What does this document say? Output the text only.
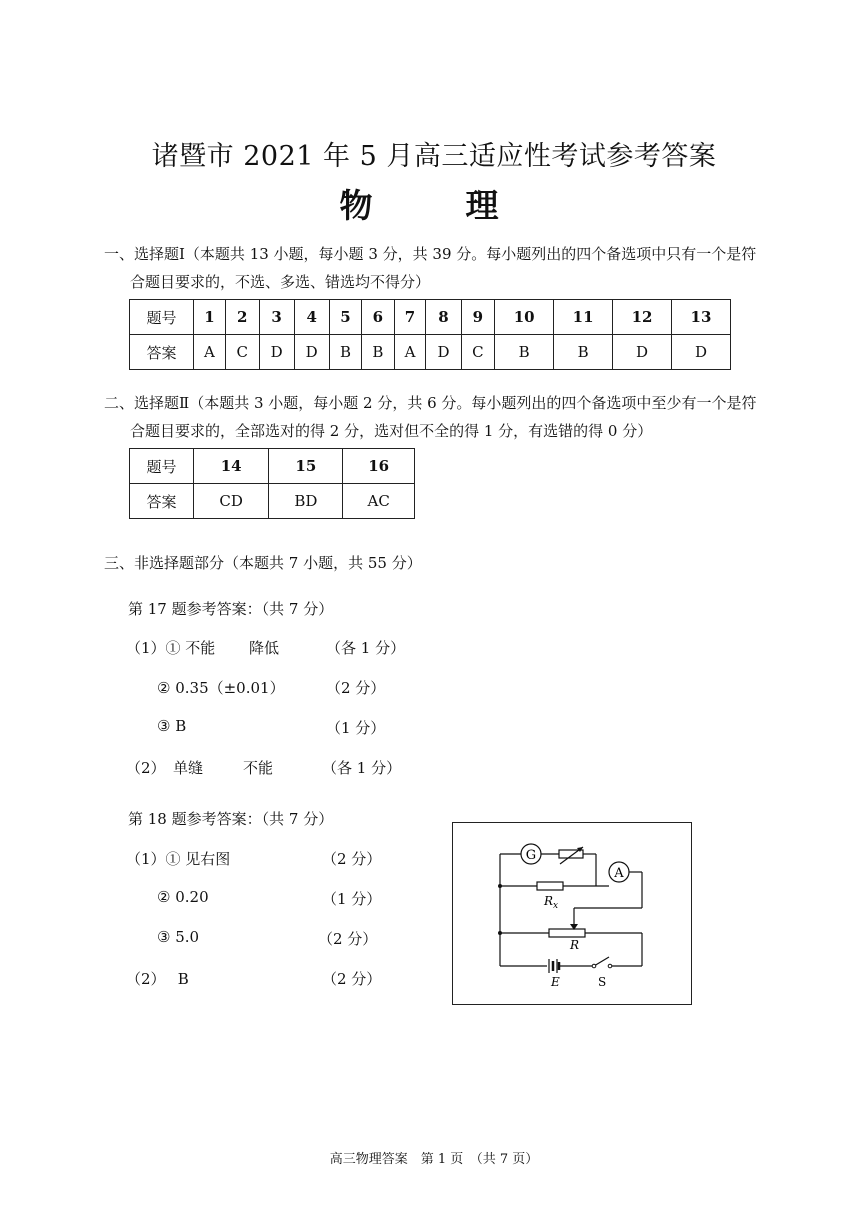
诸暨市 2021 年 5 月高三适应性考试参考答案
物　理
一、选择题Ⅰ（本题共 13 小题，每小题 3 分，共 39 分。每小题列出的四个备选项中只有一个是符
合题目要求的，不选、多选、错选均不得分）
题号	1	2	3	4	5	6	7	8	9	10	11	12	13
答案	A	C	D	D	B	B	A	D	C	B	B	D	D
二、选择题Ⅱ（本题共 3 小题，每小题 2 分，共 6 分。每小题列出的四个备选项中至少有一个是符
合题目要求的，全部选对的得 2 分，选对但不全的得 1 分，有选错的得 0 分）
题号	14	15	16
答案	CD	BD	AC
三、非选择题部分（本题共 7 小题，共 55 分）
第 17 题参考答案：（共 7 分）
（1）① 不能 降低	（各 1 分）
② 0.35（±0.01）	（2 分）
③ B	（1 分）
（2）　单缝	不能	（各 1 分）
第 18 题参考答案：（共 7 分）
（1）① 见右图	（2 分）
② 0.20	（1 分）
③ 5.0	（2 分）
（2）　 B	（2 分）
G
A
$R_x$
R
E	S
高三物理答案　第 1 页　（共 7 页）
